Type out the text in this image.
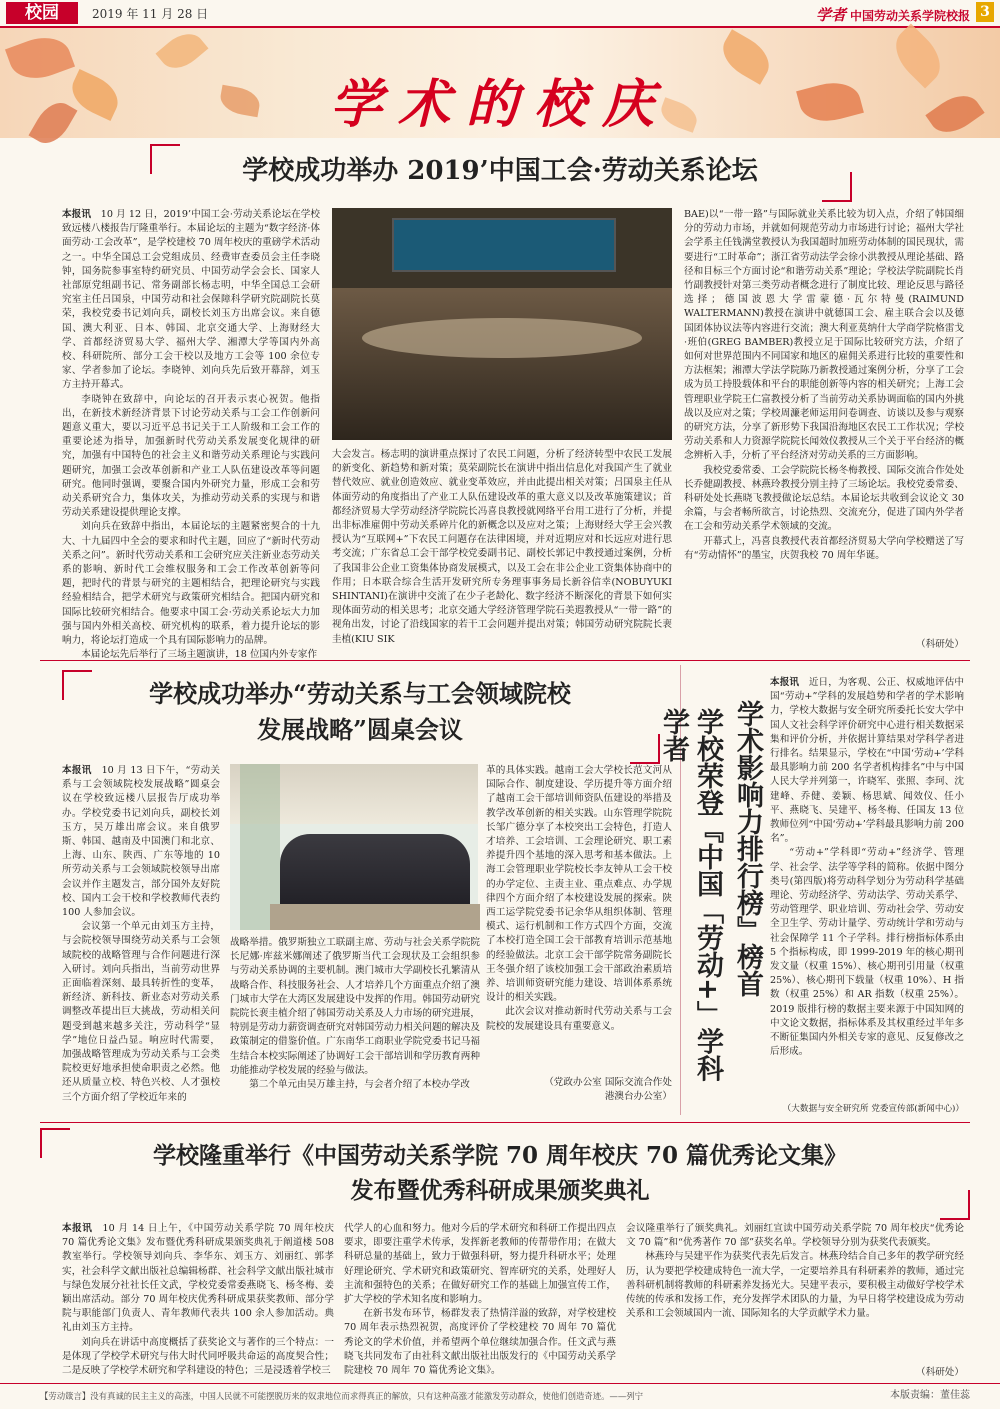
校园	2019 年 11 月 28 日	学者 中国劳动关系学院校报 3
学术的校庆
学校成功举办 2019’中国工会·劳动关系论坛

本报讯　 10 月 12 日，2019’中国工会·劳动关系论坛在学校致远楼八楼报告厅隆重举行。本届论坛的主题为“数字经济·体面劳动·工会改革”，是学校建校 70 周年校庆的重磅学术活动之一。中华全国总工会党组成员、经费审查委员会主任李晓钟，国务院参事室特约研究员、中国劳动学会会长、国家人社部原党组副书记、常务副部长杨志明，中华全国总工会研究室主任吕国泉，中国劳动和社会保障科学研究院副院长莫荣，我校党委书记刘向兵，副校长刘玉方出席会议。来自德国、澳大利亚、日本、韩国、北京交通大学、上海财经大学、首都经济贸易大学、福州大学、湘潭大学等国内外高校、科研院所、部分工会干校以及地方工会等 100 余位专家、学者参加了论坛。李晓钟、刘向兵先后致开幕辞，刘玉方主持开幕式。

李晓钟在致辞中，向论坛的召开表示衷心祝贺。他指出，在新技术新经济背景下讨论劳动关系与工会工作创新问题意义重大，要以习近平总书记关于工人阶级和工会工作的重要论述为指导，加强新时代劳动关系发展变化规律的研究，加强有中国特色的社会主义和谐劳动关系理论与实践问题研究，加强工会改革创新和产业工人队伍建设改革等问题研究。他同时强调，要聚合国内外研究力量，形成工会和劳动关系研究合力，集体攻关，为推动劳动关系的实现与和谐劳动关系建设提供理论支撑。

刘向兵在致辞中指出，本届论坛的主题紧密契合的十九大、十九届四中全会的要求和时代主题，回应了“新时代劳动关系之问”。新时代劳动关系和工会研究应关注新业态劳动关系的影响、新时代工会维权服务和工会工作改革创新等问题，把时代的背景与研究的主题相结合，把理论研究与实践经验相结合，把学术研究与政策研究相结合。把国内研究和国际比较研究相结合。他要求中国工会·劳动关系论坛大力加强与国内外相关高校、研究机构的联系，着力提升论坛的影响力，将论坛打造成一个具有国际影响力的品牌。

本届论坛先后举行了三场主题演讲，18 位国内外专家作

大会发言。杨志明的演讲重点探讨了农民工问题，分析了经济转型中农民工发展的新变化、新趋势和新对策；莫荣副院长在演讲中指出信息化对我国产生了就业替代效应、就业创造效应、就业变革效应，并由此提出相关对策；吕国泉主任从体面劳动的角度指出了产业工人队伍建设改革的重大意义以及改革施策建议；首都经济贸易大学劳动经济学院院长冯喜良教授就网络平台用工进行了分析，并提出非标准雇佣中劳动关系碎片化的新概念以及应对之策；上海财经大学王会兴教授认为“互联网+”下农民工问题存在法律困境，并对近期应对和长远应对进行思考交流；广东省总工会干部学校党委副书记、副校长郭记中教授通过案例，分析了我国非公企业工资集体协商发展模式，以及工会在非公企业工资集体协商中的作用；日本联合综合生活开发研究所专务理事事务局长新谷信幸(NOBUYUKI SHINTANI)在演讲中交流了在少子老龄化、数字经济不断深化的背景下如何实现体面劳动的相关思考；北京交通大学经济管理学院石美遐教授从“一带一路”的视角出发，讨论了沿线国家的若干工会问题并提出对策；韩国劳动研究院院长裵圭植(KIU SIK

BAE)以“一带一路”与国际就业关系比较为切入点，介绍了韩国细分的劳动力市场，并就如何规范劳动力市场进行讨论；福州大学社会学系主任钱满堂教授认为我国超时加班劳动体制的国民现状，需要进行“工时革命”；浙江省劳动法学会徐小洪教授从理论基础、路径和目标三个方面讨论“和谐劳动关系”理论；学校法学院副院长肖竹副教授针对第三类劳动者概念进行了制度比较、理论反思与路径选择；德国波恩大学雷蒙德·瓦尔特曼(RAIMUND WALTERMANN)教授在演讲中就德国工会、雇主联合会以及德国团体协议法等内容进行交流；澳大利亚莫纳什大学商学院格雷戈·班伯(GREG BAMBER)教授立足于国际比较研究方法，介绍了如何对世界范围内不同国家和地区的雇佣关系进行比较的重要性和方法框架；湘潭大学法学院陈乃新教授通过案例分析，分享了工会成为员工持股载体和平台的职能创新等内容的相关研究；上海工会管理职业学院王仁富教授分析了当前劳动关系协调面临的国内外挑战以及应对之策；学校周濂老师运用问卷调查、访谈以及参与观察的研究方法，分享了新形势下我国沿海地区农民工工作状况；学校劳动关系和人力资源学院院长闻效仪教授从三个关于平台经济的概念辨析入手，分析了平台经济对劳动关系的三方面影响。

我校党委常委、工会学院院长杨冬梅教授、国际交流合作处处长乔健副教授、林燕玲教授分别主持了三场论坛。我校党委常委、科研处处长燕晓飞教授做论坛总结。本届论坛共收到会议论文 30 余篇，与会者畅所欲言，讨论热烈、交流充分，促进了国内外学者在工会和劳动关系学术领域的交流。

开幕式上，冯喜良教授代表首都经济贸易大学向学校赠送了写有“劳动情怀”的墨宝，庆贺我校 70 周年华诞。

（科研处）
学校成功举办“劳动关系与工会领域院校
发展战略”圆桌会议

本报讯　 10 月 13 日下午，“劳动关系与工会领域院校发展战略”圆桌会议在学校致远楼八层报告厅成功举办。学校党委书记刘向兵，副校长刘玉方，吴万雄出席会议。来自俄罗斯、韩国、越南及中国澳门和北京、上海、山东、陕西、广东等地的 10 所劳动关系与工会领域院校领导出席会议并作主题发言，部分国外友好院校、国内工会干校和学校教师代表约 100 人参加会议。

会议第一个单元由刘玉方主持，与会院校领导围绕劳动关系与工会领域院校的战略管理与合作问题进行深入研讨。刘向兵指出，当前劳动世界正面临着深刻、最具转折性的变革，新经济、新科技、新业态对劳动关系调整改革提出巨大挑战，劳动相关问题受到越来越多关注，劳动科学“显学”地位日益凸显。响应时代需要，加强战略管理成为劳动关系与工会类院校更好地承担使命职责之必然。他还从质量立校、特色兴校、人才强校三个方面介绍了学校近年来的

战略举措。俄罗斯独立工联副主席、劳动与社会关系学院院长尼娜·库兹米娜阐述了俄罗斯当代工会现状及工会组织参与劳动关系协调的主要机制。澳门城市大学副校长孔繁清从战略合作、科技服务社会、人才培养几个方面重点介绍了澳门城市大学在大湾区发展建设中发挥的作用。韩国劳动研究院院长裵圭植介绍了韩国劳动关系及人力市场的研究进展，特别是劳动力薪资调查研究对韩国劳动力相关问题的解决及政策制定的借鉴价值。广东南华工商职业学院党委书记马福生结合本校实际阐述了协调好工会干部培训和学历教育两种功能推动学校发展的经验与做法。

第二个单元由吴万雄主持，与会者介绍了本校办学改

革的具体实践。越南工会大学校长范文河从国际合作、制度建设、学历提升等方面介绍了越南工会干部培训师资队伍建设的举措及教学改革创新的相关实践。山东管理学院院长邹广德分享了本校突出工会特色，打造人才培养、工会培训、工会理论研究、职工素养提升四个基地的深入思考和基本做法。上海工会管理职业学院校长李友钟从工会干校的办学定位、主责主业、重点难点、办学规律四个方面介绍了本校建设发展的探索。陕西工运学院党委书记余华从组织体制、管理模式、运行机制和工作方式四个方面，交流了本校打造全国工会干部教育培训示范基地的经验做法。北京工会干部学院常务副院长王冬强介绍了该校加强工会干部政治素质培养、培训师资研究能力建设、培训体系系统设计的相关实践。

此次会议对推动新时代劳动关系与工会院校的发展建设具有重要意义。

（党政办公室 国际交流合作处
港澳台办公室）
学术影响力排行榜』榜首
学校荣登『中国「劳动+」学科学者

本报讯　 近日，为客观、公正、权威地评估中国“劳动+”学科的发展趋势和学者的学术影响力，学校大数据与安全研究所委托长安大学中国人文社会科学评价研究中心进行相关数据采集和评价分析，并依据计算结果对学科学者进行排名。结果显示，学校在“中国‘劳动+’学科最具影响力前 200 名学者机构排名”中与中国人民大学并列第一，许晓军、张照、李珂、沈建峰、乔健、姜颖、杨思斌、闻效仪、任小平、燕晓飞、吴建平、杨冬梅、任国友 13 位教师位列“中国‘劳动+’学科最具影响力前 200 名”。

“劳动+”学科即“劳动+”经济学、管理学、社会学、法学等学科的简称。依据中图分类号(第四版)将劳动科学划分为劳动科学基础理论、劳动经济学、劳动法学、劳动关系学、劳动管理学、职业培训、劳动社会学、劳动安全卫生学、劳动计量学、劳动统计学和劳动与社会保障学 11 个子学科。排行榜指标体系由 5 个指标构成，即 1999-2019 年的核心期刊发文量（权重 15%）、核心期刊引用量（权重 25%）、核心期刊下载量（权重 10%）、H 指数（权重 25%）和 AR 指数（权重 25%）。2019 版排行榜的数据主要来源于中国知网的中文论文数据，指标体系及其权重经过半年多不断征集国内外相关专家的意见、反复修改之后形成。

（大数据与安全研究所 党委宣传部(新闻中心)）
学校隆重举行《中国劳动关系学院 70 周年校庆 70 篇优秀论文集》
发布暨优秀科研成果颁奖典礼

本报讯　 10 月 14 日上午，《中国劳动关系学院 70 周年校庆 70 篇优秀论文集》发布暨优秀科研成果颁奖典礼于阐道楼 508 教室举行。学校领导刘向兵、李华东、刘玉方、刘丽红、郭孝实，社会科学文献出版社总编辑杨群、社会科学文献出版社城市与绿色发展分社社长任文武，学校党委常委燕晓飞、杨冬梅、姜颖出席活动。部分 70 周年校庆优秀科研成果获奖教师、部分学院与职能部门负责人、青年教师代表共 100 余人参加活动。典礼由刘玉方主持。

刘向兵在讲话中高度概括了获奖论文与著作的三个特点：一是体现了学校学术研究与伟大时代同呼吸共命运的高度契合性；二是反映了学校学术研究和学科建设的特色；三是浸透着学校三

代学人的心血和努力。他对今后的学术研究和科研工作提出四点要求，即要注重学术传承，发挥新老教师的传帮带作用；在做大科研总量的基础上，致力于做强科研，努力提升科研水平；处理好理论研究、学术研究和政策研究、智库研究的关系，处理好人主流和强特色的关系；在做好研究工作的基础上加强宣传工作，扩大学校的学术知名度和影响力。

在新书发布环节，杨群发表了热情洋溢的致辞，对学校建校 70 周年表示热烈祝贺，高度评价了学校建校 70 周年 70 篇优秀论文的学术价值，并希望两个单位继续加强合作。任文武与燕晓飞共同发布了由社科文献出版社出版发行的《中国劳动关系学院建校 70 周年 70 篇优秀论文集》。

会议隆重举行了颁奖典礼。刘丽红宣读中国劳动关系学院 70 周年校庆“优秀论文 70 篇”和“优秀著作 70 部”获奖名单。学校领导分别为获奖代表颁奖。

林燕玲与吴建平作为获奖代表先后发言。林燕玲结合自己多年的教学研究经历，认为要把学校建成特色一流大学，一定要培养具有科研素养的教师，通过完善科研机制将教师的科研素养发扬光大。吴建平表示，要积极主动做好学校学术传统的传承和发扬工作，充分发挥学术团队的力量，为早日将学校建设成为劳动关系和工会领域国内一流、国际知名的大学贡献学术力量。

（科研处）
【劳动箴言】没有真诚的民主主义的高涨，中国人民就不可能摆脱历来的奴隶地位而求得真正的解放，只有这种高涨才能激发劳动群众，使他们创造奇迹。——列宁	本版责编：董佳蕊
